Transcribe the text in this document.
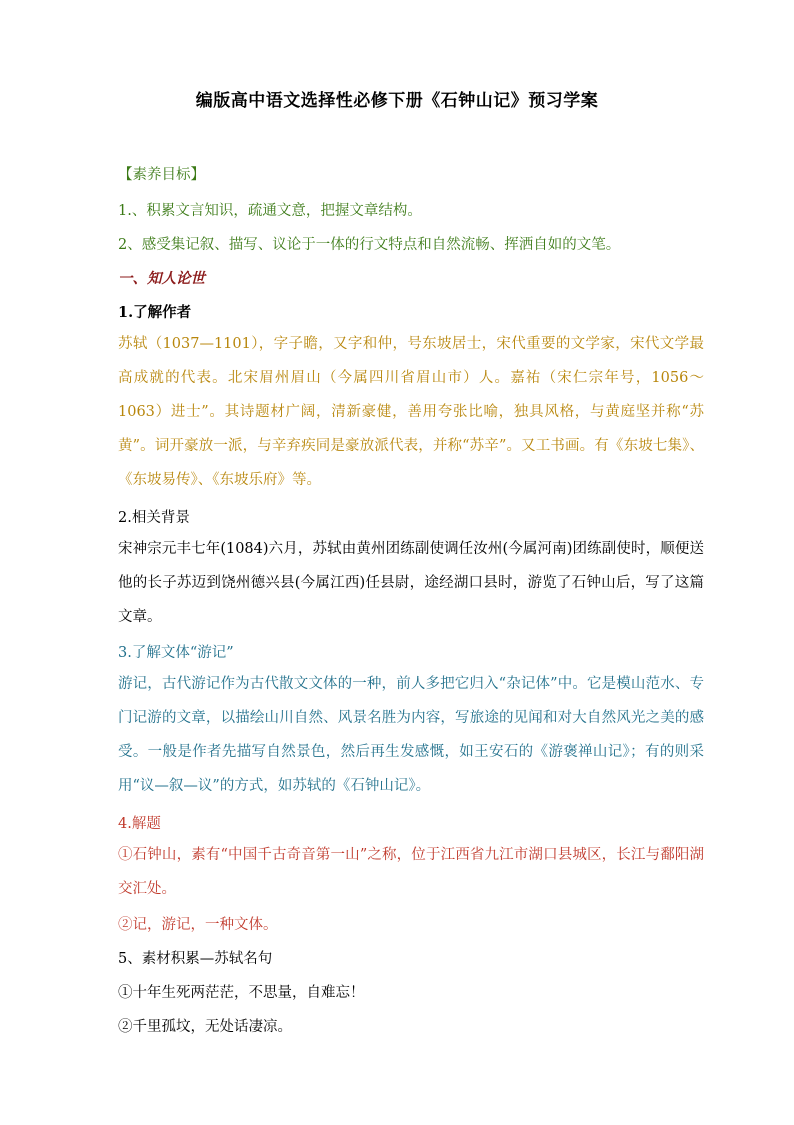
编版高中语文选择性必修下册《石钟山记》预习学案
【素养目标】
1.、积累文言知识，疏通文意，把握文章结构。
2、感受集记叙、描写、议论于一体的行文特点和自然流畅、挥洒自如的文笔。
一、知人论世
1.了解作者
苏轼（1037—1101），字子瞻，又字和仲，号东坡居士，宋代重要的文学家，宋代文学最高成就的代表。北宋眉州眉山（今属四川省眉山市）人。嘉祐（宋仁宗年号，1056～1063）进士”。其诗题材广阔，清新豪健，善用夸张比喻，独具风格，与黄庭坚并称“苏黄”。词开豪放一派，与辛弃疾同是豪放派代表，并称“苏辛”。又工书画。有《东坡七集》、《东坡易传》、《东坡乐府》等。
2.相关背景
宋神宗元丰七年(1084)六月，苏轼由黄州团练副使调任汝州(今属河南)团练副使时，顺便送他的长子苏迈到饶州德兴县(今属江西)任县尉，途经湖口县时，游览了石钟山后，写了这篇文章。
3.了解文体“游记”
游记，古代游记作为古代散文文体的一种，前人多把它归入“杂记体”中。它是模山范水、专门记游的文章，以描绘山川自然、风景名胜为内容，写旅途的见闻和对大自然风光之美的感受。一般是作者先描写自然景色，然后再生发感慨，如王安石的《游褒禅山记》；有的则采用“议—叙—议”的方式，如苏轼的《石钟山记》。
4.解题
①石钟山，素有“中国千古奇音第一山”之称，位于江西省九江市湖口县城区，长江与鄱阳湖交汇处。
②记，游记，一种文体。
5、素材积累—苏轼名句
①十年生死两茫茫，不思量，自难忘！
②千里孤坟，无处话凄凉。
